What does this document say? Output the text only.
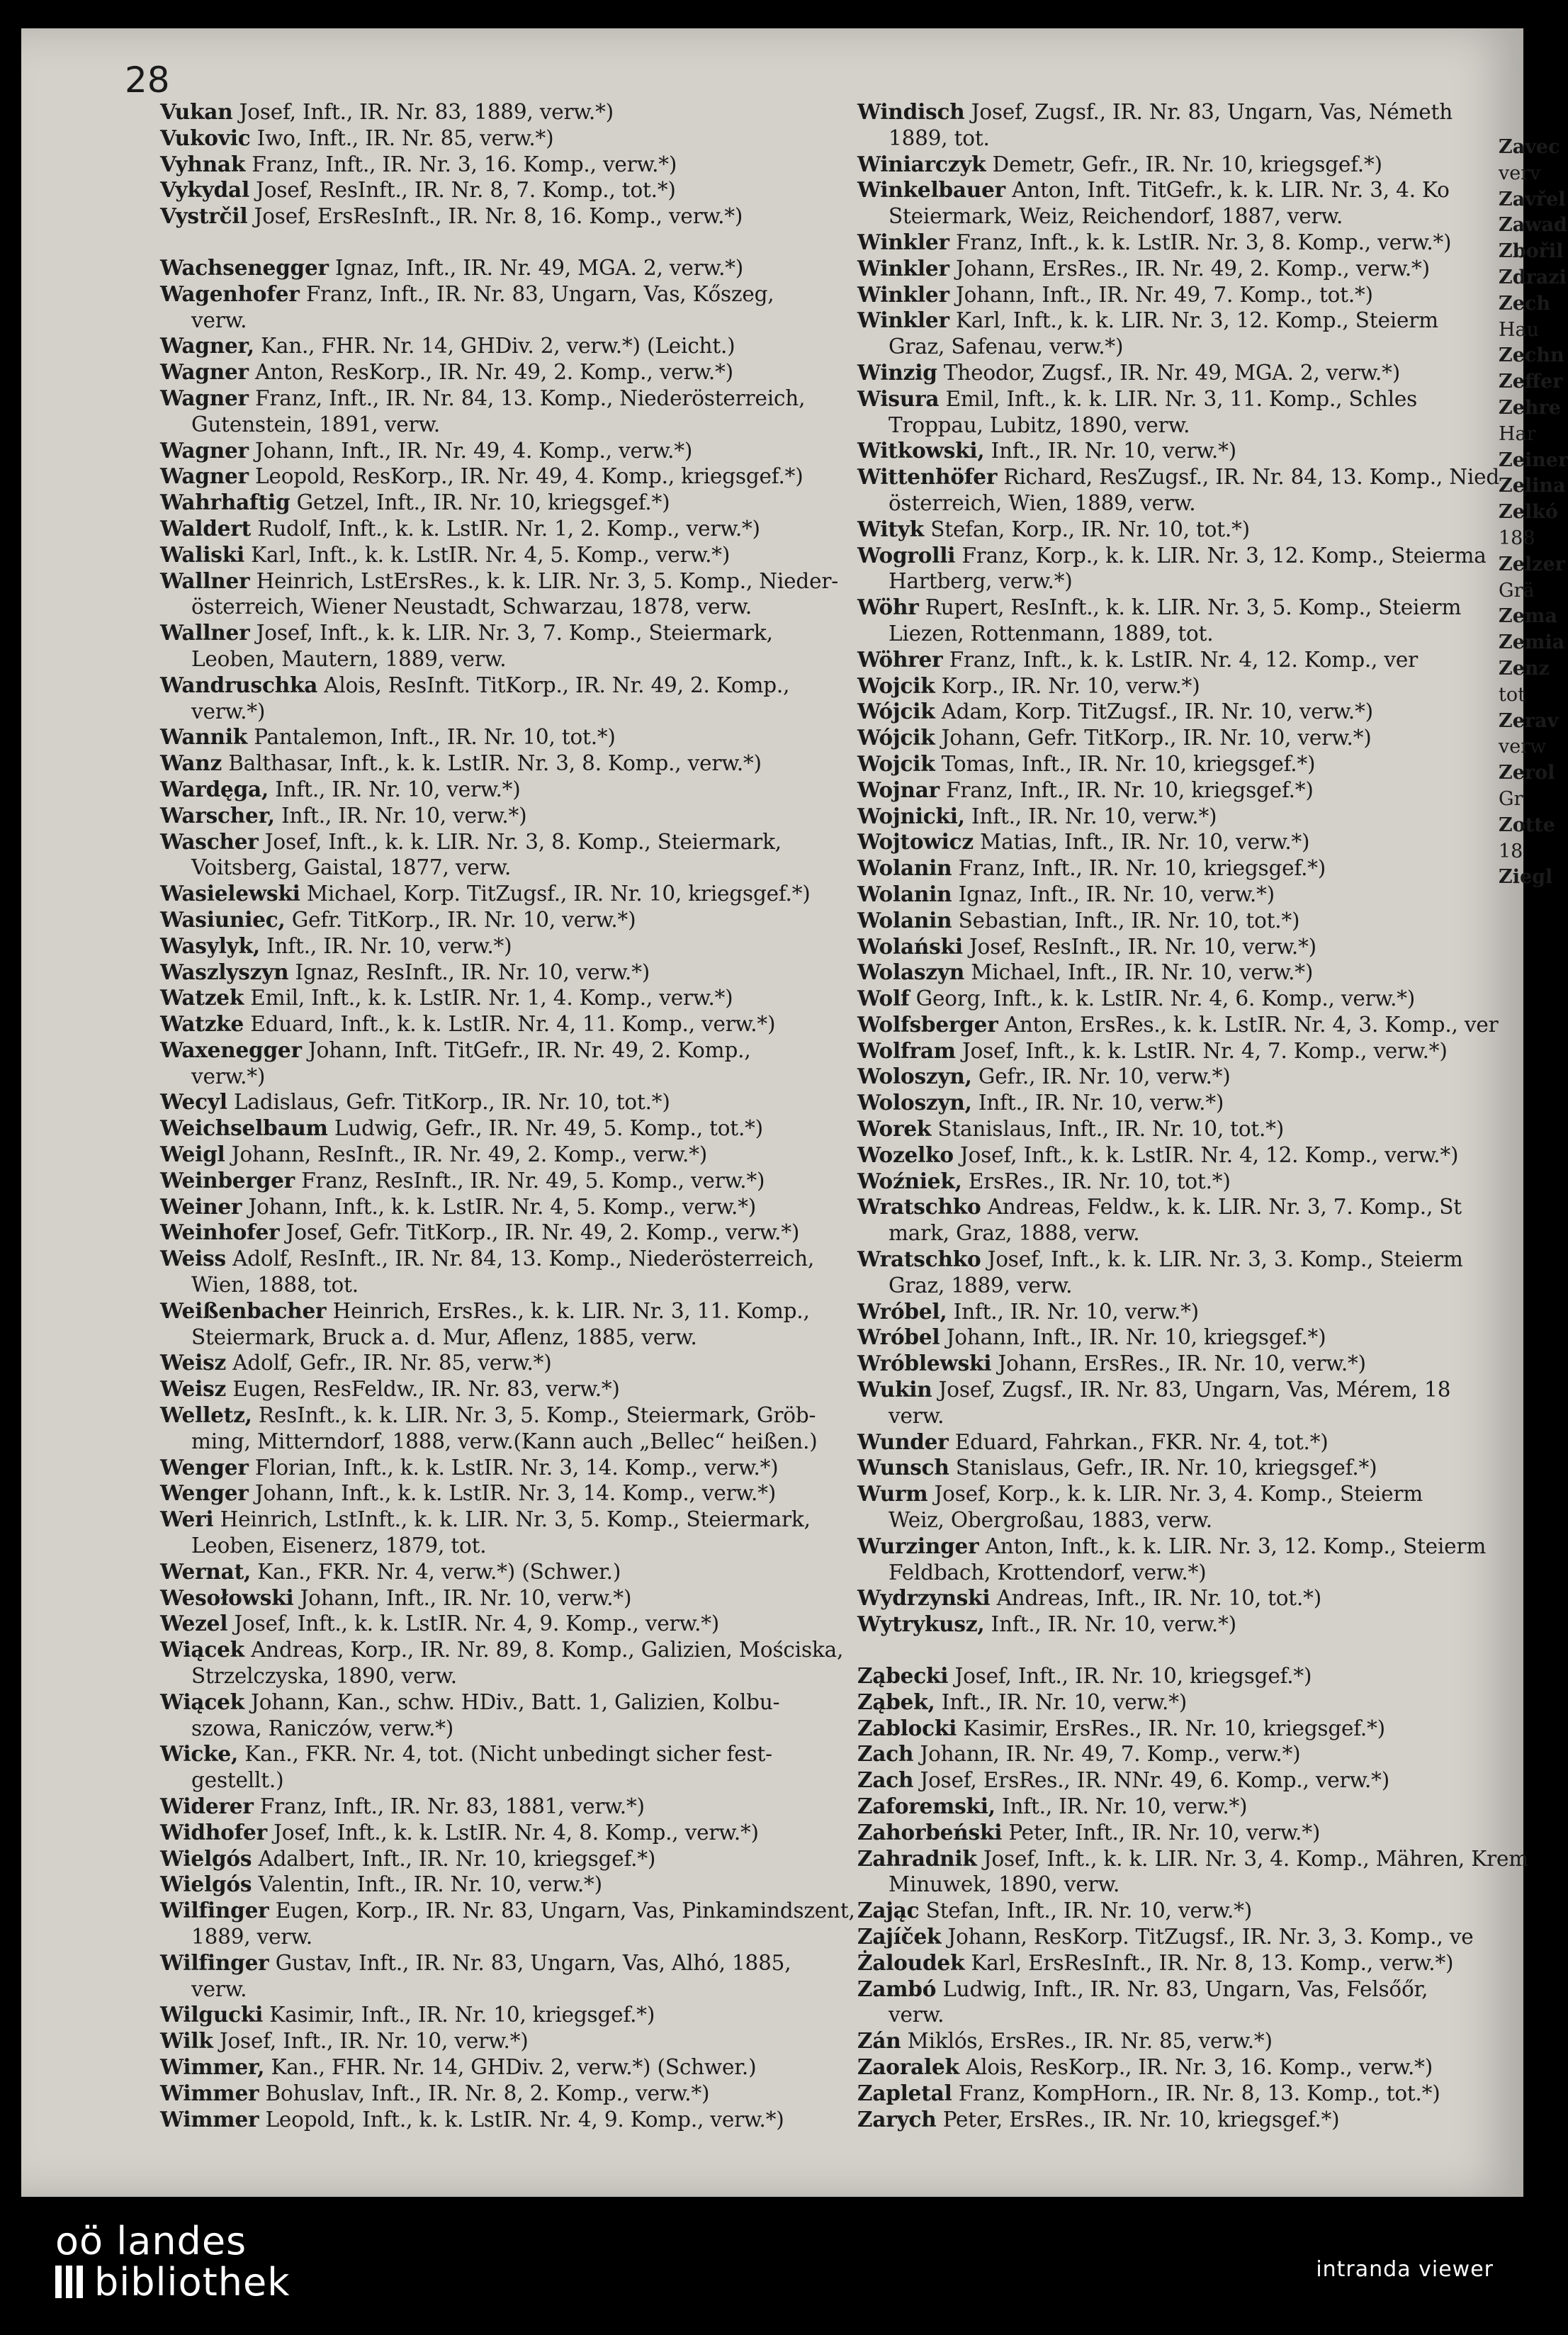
28
Vukan Josef, Inft., IR. Nr. 83, 1889, verw.*)
Vukovic Iwo, Inft., IR. Nr. 85, verw.*)
Vyhnak Franz, Inft., IR. Nr. 3, 16. Komp., verw.*)
Vykydal Josef, ResInft., IR. Nr. 8, 7. Komp., tot.*)
Vystrčil Josef, ErsResInft., IR. Nr. 8, 16. Komp., verw.*)
Wachsenegger Ignaz, Inft., IR. Nr. 49, MGA. 2, verw.*)
Wagenhofer Franz, Inft., IR. Nr. 83, Ungarn, Vas, Kőszeg,
verw.
Wagner, Kan., FHR. Nr. 14, GHDiv. 2, verw.*) (Leicht.)
Wagner Anton, ResKorp., IR. Nr. 49, 2. Komp., verw.*)
Wagner Franz, Inft., IR. Nr. 84, 13. Komp., Niederösterreich,
Gutenstein, 1891, verw.
Wagner Johann, Inft., IR. Nr. 49, 4. Komp., verw.*)
Wagner Leopold, ResKorp., IR. Nr. 49, 4. Komp., kriegsgef.*)
Wahrhaftig Getzel, Inft., IR. Nr. 10, kriegsgef.*)
Waldert Rudolf, Inft., k. k. LstIR. Nr. 1, 2. Komp., verw.*)
Waliski Karl, Inft., k. k. LstIR. Nr. 4, 5. Komp., verw.*)
Wallner Heinrich, LstErsRes., k. k. LIR. Nr. 3, 5. Komp., Nieder-
österreich, Wiener Neustadt, Schwarzau, 1878, verw.
Wallner Josef, Inft., k. k. LIR. Nr. 3, 7. Komp., Steiermark,
Leoben, Mautern, 1889, verw.
Wandruschka Alois, ResInft. TitKorp., IR. Nr. 49, 2. Komp.,
verw.*)
Wannik Pantalemon, Inft., IR. Nr. 10, tot.*)
Wanz Balthasar, Inft., k. k. LstIR. Nr. 3, 8. Komp., verw.*)
Wardęga, Inft., IR. Nr. 10, verw.*)
Warscher, Inft., IR. Nr. 10, verw.*)
Wascher Josef, Inft., k. k. LIR. Nr. 3, 8. Komp., Steiermark,
Voitsberg, Gaistal, 1877, verw.
Wasielewski Michael, Korp. TitZugsf., IR. Nr. 10, kriegsgef.*)
Wasiuniec, Gefr. TitKorp., IR. Nr. 10, verw.*)
Wasylyk, Inft., IR. Nr. 10, verw.*)
Waszlyszyn Ignaz, ResInft., IR. Nr. 10, verw.*)
Watzek Emil, Inft., k. k. LstIR. Nr. 1, 4. Komp., verw.*)
Watzke Eduard, Inft., k. k. LstIR. Nr. 4, 11. Komp., verw.*)
Waxenegger Johann, Inft. TitGefr., IR. Nr. 49, 2. Komp.,
verw.*)
Wecyl Ladislaus, Gefr. TitKorp., IR. Nr. 10, tot.*)
Weichselbaum Ludwig, Gefr., IR. Nr. 49, 5. Komp., tot.*)
Weigl Johann, ResInft., IR. Nr. 49, 2. Komp., verw.*)
Weinberger Franz, ResInft., IR. Nr. 49, 5. Komp., verw.*)
Weiner Johann, Inft., k. k. LstIR. Nr. 4, 5. Komp., verw.*)
Weinhofer Josef, Gefr. TitKorp., IR. Nr. 49, 2. Komp., verw.*)
Weiss Adolf, ResInft., IR. Nr. 84, 13. Komp., Niederösterreich,
Wien, 1888, tot.
Weißenbacher Heinrich, ErsRes., k. k. LIR. Nr. 3, 11. Komp.,
Steiermark, Bruck a. d. Mur, Aflenz, 1885, verw.
Weisz Adolf, Gefr., IR. Nr. 85, verw.*)
Weisz Eugen, ResFeldw., IR. Nr. 83, verw.*)
Welletz, ResInft., k. k. LIR. Nr. 3, 5. Komp., Steiermark, Gröb-
ming, Mitterndorf, 1888, verw.(Kann auch „Bellec“ heißen.)
Wenger Florian, Inft., k. k. LstIR. Nr. 3, 14. Komp., verw.*)
Wenger Johann, Inft., k. k. LstIR. Nr. 3, 14. Komp., verw.*)
Weri Heinrich, LstInft., k. k. LIR. Nr. 3, 5. Komp., Steiermark,
Leoben, Eisenerz, 1879, tot.
Wernat, Kan., FKR. Nr. 4, verw.*) (Schwer.)
Wesołowski Johann, Inft., IR. Nr. 10, verw.*)
Wezel Josef, Inft., k. k. LstIR. Nr. 4, 9. Komp., verw.*)
Wiącek Andreas, Korp., IR. Nr. 89, 8. Komp., Galizien, Mościska,
Strzelczyska, 1890, verw.
Wiącek Johann, Kan., schw. HDiv., Batt. 1, Galizien, Kolbu-
szowa, Raniczów, verw.*)
Wicke, Kan., FKR. Nr. 4, tot. (Nicht unbedingt sicher fest-
gestellt.)
Widerer Franz, Inft., IR. Nr. 83, 1881, verw.*)
Widhofer Josef, Inft., k. k. LstIR. Nr. 4, 8. Komp., verw.*)
Wielgós Adalbert, Inft., IR. Nr. 10, kriegsgef.*)
Wielgós Valentin, Inft., IR. Nr. 10, verw.*)
Wilfinger Eugen, Korp., IR. Nr. 83, Ungarn, Vas, Pinkamindszent,
1889, verw.
Wilfinger Gustav, Inft., IR. Nr. 83, Ungarn, Vas, Alhó, 1885,
verw.
Wilgucki Kasimir, Inft., IR. Nr. 10, kriegsgef.*)
Wilk Josef, Inft., IR. Nr. 10, verw.*)
Wimmer, Kan., FHR. Nr. 14, GHDiv. 2, verw.*) (Schwer.)
Wimmer Bohuslav, Inft., IR. Nr. 8, 2. Komp., verw.*)
Wimmer Leopold, Inft., k. k. LstIR. Nr. 4, 9. Komp., verw.*)
Windisch Josef, Zugsf., IR. Nr. 83, Ungarn, Vas, Németh
1889, tot.
Winiarczyk Demetr, Gefr., IR. Nr. 10, kriegsgef.*)
Winkelbauer Anton, Inft. TitGefr., k. k. LIR. Nr. 3, 4. Ko
Steiermark, Weiz, Reichendorf, 1887, verw.
Winkler Franz, Inft., k. k. LstIR. Nr. 3, 8. Komp., verw.*)
Winkler Johann, ErsRes., IR. Nr. 49, 2. Komp., verw.*)
Winkler Johann, Inft., IR. Nr. 49, 7. Komp., tot.*)
Winkler Karl, Inft., k. k. LIR. Nr. 3, 12. Komp., Steierm
Graz, Safenau, verw.*)
Winzig Theodor, Zugsf., IR. Nr. 49, MGA. 2, verw.*)
Wisura Emil, Inft., k. k. LIR. Nr. 3, 11. Komp., Schles
Troppau, Lubitz, 1890, verw.
Witkowski, Inft., IR. Nr. 10, verw.*)
Wittenhöfer Richard, ResZugsf., IR. Nr. 84, 13. Komp., Nied
österreich, Wien, 1889, verw.
Wityk Stefan, Korp., IR. Nr. 10, tot.*)
Wogrolli Franz, Korp., k. k. LIR. Nr. 3, 12. Komp., Steierma
Hartberg, verw.*)
Wöhr Rupert, ResInft., k. k. LIR. Nr. 3, 5. Komp., Steierm
Liezen, Rottenmann, 1889, tot.
Wöhrer Franz, Inft., k. k. LstIR. Nr. 4, 12. Komp., ver
Wojcik Korp., IR. Nr. 10, verw.*)
Wójcik Adam, Korp. TitZugsf., IR. Nr. 10, verw.*)
Wójcik Johann, Gefr. TitKorp., IR. Nr. 10, verw.*)
Wojcik Tomas, Inft., IR. Nr. 10, kriegsgef.*)
Wojnar Franz, Inft., IR. Nr. 10, kriegsgef.*)
Wojnicki, Inft., IR. Nr. 10, verw.*)
Wojtowicz Matias, Inft., IR. Nr. 10, verw.*)
Wolanin Franz, Inft., IR. Nr. 10, kriegsgef.*)
Wolanin Ignaz, Inft., IR. Nr. 10, verw.*)
Wolanin Sebastian, Inft., IR. Nr. 10, tot.*)
Wolański Josef, ResInft., IR. Nr. 10, verw.*)
Wolaszyn Michael, Inft., IR. Nr. 10, verw.*)
Wolf Georg, Inft., k. k. LstIR. Nr. 4, 6. Komp., verw.*)
Wolfsberger Anton, ErsRes., k. k. LstIR. Nr. 4, 3. Komp., ver
Wolfram Josef, Inft., k. k. LstIR. Nr. 4, 7. Komp., verw.*)
Woloszyn, Gefr., IR. Nr. 10, verw.*)
Woloszyn, Inft., IR. Nr. 10, verw.*)
Worek Stanislaus, Inft., IR. Nr. 10, tot.*)
Wozelko Josef, Inft., k. k. LstIR. Nr. 4, 12. Komp., verw.*)
Woźniek, ErsRes., IR. Nr. 10, tot.*)
Wratschko Andreas, Feldw., k. k. LIR. Nr. 3, 7. Komp., St
mark, Graz, 1888, verw.
Wratschko Josef, Inft., k. k. LIR. Nr. 3, 3. Komp., Steierm
Graz, 1889, verw.
Wróbel, Inft., IR. Nr. 10, verw.*)
Wróbel Johann, Inft., IR. Nr. 10, kriegsgef.*)
Wróblewski Johann, ErsRes., IR. Nr. 10, verw.*)
Wukin Josef, Zugsf., IR. Nr. 83, Ungarn, Vas, Mérem, 18
verw.
Wunder Eduard, Fahrkan., FKR. Nr. 4, tot.*)
Wunsch Stanislaus, Gefr., IR. Nr. 10, kriegsgef.*)
Wurm Josef, Korp., k. k. LIR. Nr. 3, 4. Komp., Steierm
Weiz, Obergroßau, 1883, verw.
Wurzinger Anton, Inft., k. k. LIR. Nr. 3, 12. Komp., Steierm
Feldbach, Krottendorf, verw.*)
Wydrzynski Andreas, Inft., IR. Nr. 10, tot.*)
Wytrykusz, Inft., IR. Nr. 10, verw.*)
Ząbecki Josef, Inft., IR. Nr. 10, kriegsgef.*)
Ząbek, Inft., IR. Nr. 10, verw.*)
Zablocki Kasimir, ErsRes., IR. Nr. 10, kriegsgef.*)
Zach Johann, IR. Nr. 49, 7. Komp., verw.*)
Zach Josef, ErsRes., IR. NNr. 49, 6. Komp., verw.*)
Zaforemski, Inft., IR. Nr. 10, verw.*)
Zahorbeński Peter, Inft., IR. Nr. 10, verw.*)
Zahradnik Josef, Inft., k. k. LIR. Nr. 3, 4. Komp., Mähren, Krem
Minuwek, 1890, verw.
Zając Stefan, Inft., IR. Nr. 10, verw.*)
Zajíček Johann, ResKorp. TitZugsf., IR. Nr. 3, 3. Komp., ve
Żaloudek Karl, ErsResInft., IR. Nr. 8, 13. Komp., verw.*)
Zambó Ludwig, Inft., IR. Nr. 83, Ungarn, Vas, Felsőőr,
verw.
Zán Miklós, ErsRes., IR. Nr. 85, verw.*)
Zaoralek Alois, ResKorp., IR. Nr. 3, 16. Komp., verw.*)
Zapletal Franz, KompHorn., IR. Nr. 8, 13. Komp., tot.*)
Zarych Peter, ErsRes., IR. Nr. 10, kriegsgef.*)
Zavec
verv
Zavřel
Zawad
Zbořil
Zdrazi
Zech
Hau
Zechn
Zeffer
Zehre
Har
Zeiner
Zelina
Zelkó
188
Zelzer
Grä
Zema
Zemia
Zenz
tot
Zerav
verw
Zerol
Gr
Zotte
18
Ziegl
oö landes
bibliothek	intranda viewer
